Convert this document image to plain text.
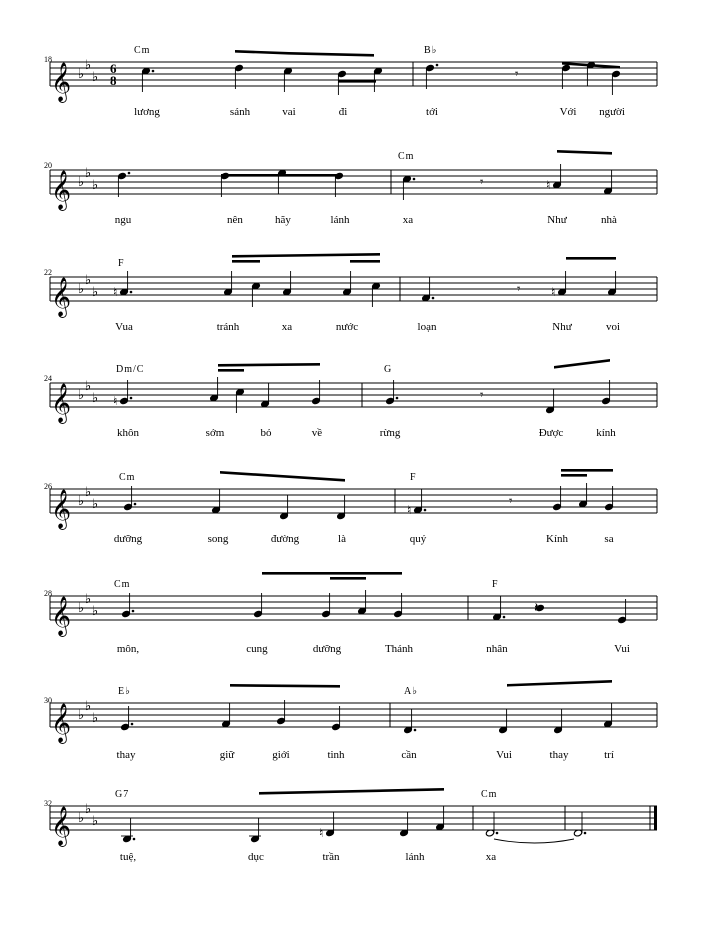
𝄞 ♭
♭
♭
6
8	𝄾
18
Cm	B♭
lương	sánh	vai	đi	tới	Với người
𝄞 ♭
♭
♭	𝄾	♮
20
Cm
ngu	nên	hãy	lánh	xa	Như	nhà
𝄞 ♭
♭
♭ ♮	𝄾	♮
22
F
Vua	tránh	xa	nước	loạn	Như	voi
𝄞 ♭
♭
♭ ♮	𝄾
24
Dm/C	G
khôn	sớm	bỏ	về	rừng	Được	kính
𝄞 ♭
♭
♭	♮
𝄾
26
Cm	F
dưỡng	song	đường	là	quý	Kính	sa
𝄞 ♭
♭
♭	𝄽
28
Cm	F
môn,	cung	dưỡng	Thánh	nhân	Vui
𝄞 ♭
♭
♭
30
E♭	A♭
thay	giữ	giới	tinh	cần	Vui	thay	trí
𝄞 ♭
♭
♭
♮
32
G7	Cm
tuệ,	dục	trần	lánh	xa
